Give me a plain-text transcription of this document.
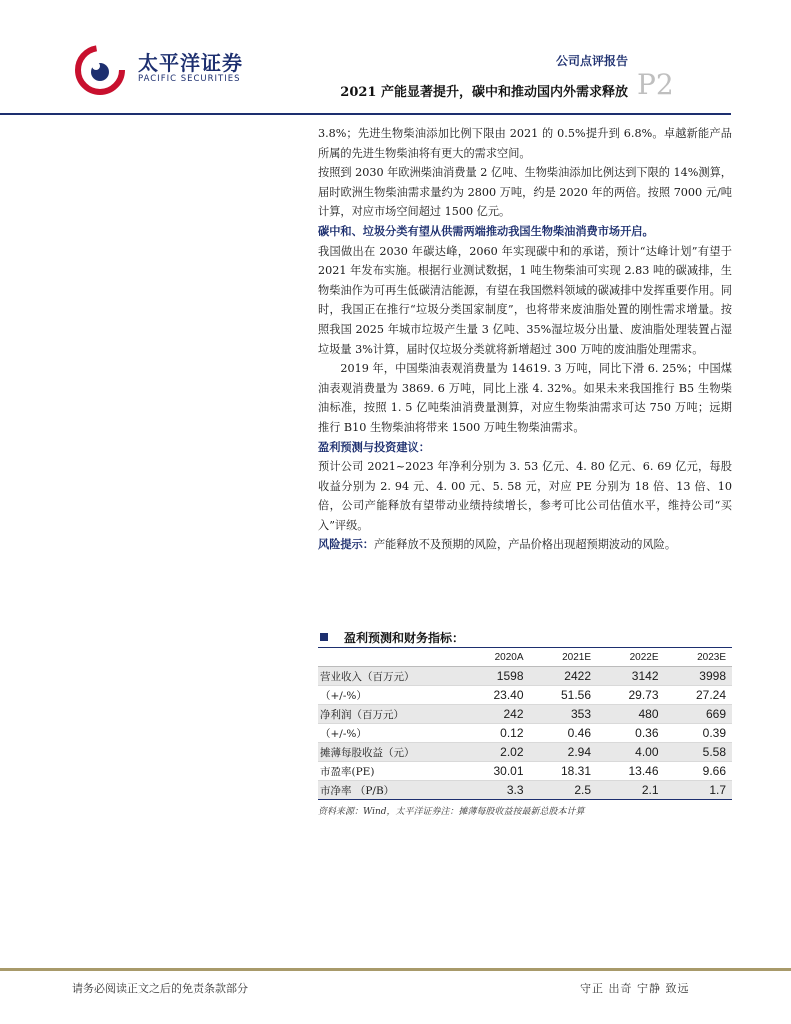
太平洋证券
PACIFIC SECURITIES
公司点评报告
2021 产能显著提升，碳中和推动国内外需求释放 P2

3.8%；先进生物柴油添加比例下限由 2021 的 0.5%提升到 6.8%。卓越新能产品所属的先进生物柴油将有更大的需求空间。

按照到 2030 年欧洲柴油消费量 2 亿吨、生物柴油添加比例达到下限的 14%测算，届时欧洲生物柴油需求量约为 2800 万吨，约是 2020 年的两倍。按照 7000 元/吨计算，对应市场空间超过 1500 亿元。

碳中和、垃圾分类有望从供需两端推动我国生物柴油消费市场开启。

我国做出在 2030 年碳达峰，2060 年实现碳中和的承诺，预计“达峰计划”有望于 2021 年发布实施。根据行业测试数据，1 吨生物柴油可实现 2.83 吨的碳减排，生物柴油作为可再生低碳清洁能源，有望在我国燃料领域的碳减排中发挥重要作用。同时，我国正在推行“垃圾分类国家制度”，也将带来废油脂处置的刚性需求增量。按照我国 2025 年城市垃圾产生量 3 亿吨、35%湿垃圾分出量、废油脂处理装置占湿垃圾量 3%计算，届时仅垃圾分类就将新增超过 300 万吨的废油脂处理需求。

2019 年，中国柴油表观消费量为 14619. 3 万吨，同比下滑 6. 25%；中国煤油表观消费量为 3869. 6 万吨，同比上涨 4. 32%。如果未来我国推行 B5 生物柴油标准，按照 1. 5 亿吨柴油消费量测算，对应生物柴油需求可达 750 万吨；远期推行 B10 生物柴油将带来 1500 万吨生物柴油需求。

盈利预测与投资建议：

预计公司 2021~2023 年净利分别为 3. 53 亿元、4. 80 亿元、6. 69 亿元，每股收益分别为 2. 94 元、4. 00 元、5. 58 元，对应 PE 分别为 18 倍、13 倍、10 倍，公司产能释放有望带动业绩持续增长，参考可比公司估值水平，维持公司“买入”评级。

风险提示：产能释放不及预期的风险，产品价格出现超预期波动的风险。

盈利预测和财务指标：
	2020A	2021E	2022E	2023E
营业收入（百万元）	1598	2422	3142	3998
（+/-%）	23.40	51.56	29.73	27.24
净利润（百万元）	242	353	480	669
（+/-%）	0.12	0.46	0.36	0.39
摊薄每股收益（元）	2.02	2.94	4.00	5.58
市盈率(PE)	30.01	18.31	13.46	9.66
市净率 （P/B）	3.3	2.5	2.1	1.7
资料来源：Wind，太平洋证券注：摊薄每股收益按最新总股本计算
请务必阅读正文之后的免责条款部分	守正 出奇 宁静 致远
